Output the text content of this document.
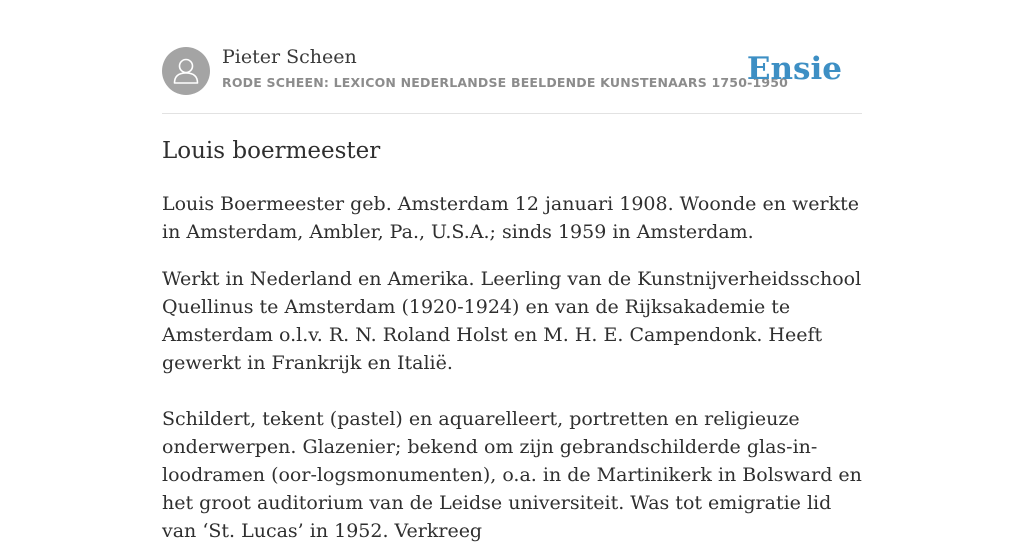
Pieter Scheen
RODE SCHEEN: LEXICON NEDERLANDSE BEELDENDE KUNSTENAARS 1750-1950
Ensie
Louis boermeester

Louis Boermeester geb. Amsterdam 12 januari 1908. Woonde en werkte in Amsterdam, Ambler, Pa., U.S.A.; sinds 1959 in Amsterdam.

Werkt in Nederland en Amerika. Leerling van de Kunstnijverheidsschool Quellinus te Amsterdam (1920-1924) en van de Rijksakademie te Amsterdam o.l.v. R. N. Roland Holst en M. H. E. Campendonk. Heeft gewerkt in Frankrijk en Italië.

Schildert, tekent (pastel) en aquarelleert, portretten en religieuze onderwerpen. Glazenier; bekend om zijn gebrandschilderde glas-in-loodramen (oor-logsmonumenten), o.a. in de Martinikerk in Bolsward en het groot auditorium van de Leidse universiteit. Was tot emigratie lid van ‘St. Lucas’ in 1952. Verkreeg
